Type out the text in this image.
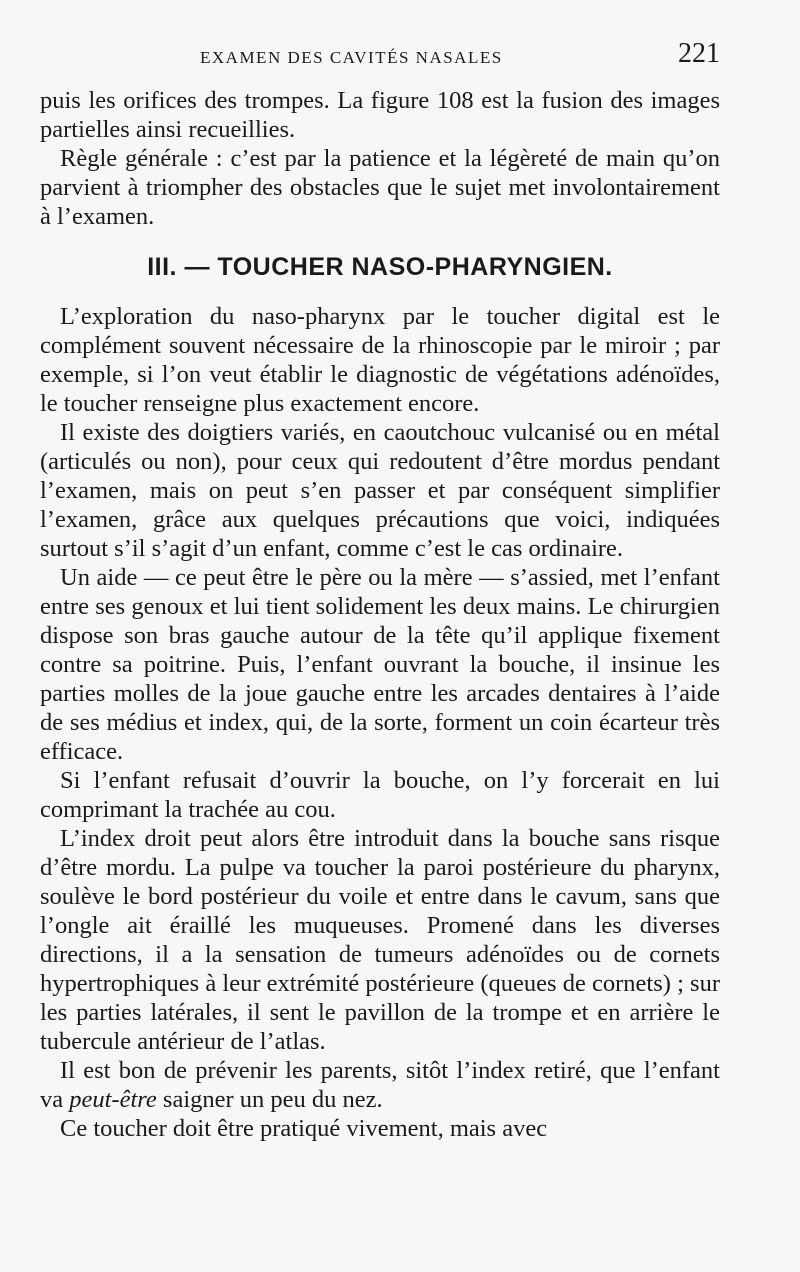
EXAMEN DES CAVITÉS NASALES	221

puis les orifices des trompes. La figure 108 est la fusion des images partielles ainsi recueillies.

Règle générale : c’est par la patience et la légèreté de main qu’on parvient à triompher des obstacles que le sujet met involontairement à l’examen.

III. — TOUCHER NASO-PHARYNGIEN.

L’exploration du naso-pharynx par le toucher digital est le complément souvent nécessaire de la rhinoscopie par le miroir ; par exemple, si l’on veut établir le diagnostic de végétations adénoïdes, le toucher renseigne plus exactement encore.

Il existe des doigtiers variés, en caoutchouc vulcanisé ou en métal (articulés ou non), pour ceux qui redoutent d’être mordus pendant l’examen, mais on peut s’en passer et par conséquent simplifier l’examen, grâce aux quelques précautions que voici, indiquées surtout s’il s’agit d’un enfant, comme c’est le cas ordinaire.

Un aide — ce peut être le père ou la mère — s’assied, met l’enfant entre ses genoux et lui tient solidement les deux mains. Le chirurgien dispose son bras gauche autour de la tête qu’il applique fixement contre sa poitrine. Puis, l’enfant ouvrant la bouche, il insinue les parties molles de la joue gauche entre les arcades dentaires à l’aide de ses médius et index, qui, de la sorte, forment un coin écarteur très efficace.

Si l’enfant refusait d’ouvrir la bouche, on l’y forcerait en lui comprimant la trachée au cou.

L’index droit peut alors être introduit dans la bouche sans risque d’être mordu. La pulpe va toucher la paroi postérieure du pharynx, soulève le bord postérieur du voile et entre dans le cavum, sans que l’ongle ait éraillé les muqueuses. Promené dans les diverses directions, il a la sensation de tumeurs adénoïdes ou de cornets hypertrophiques à leur extrémité postérieure (queues de cornets) ; sur les parties latérales, il sent le pavillon de la trompe et en arrière le tubercule antérieur de l’atlas.

Il est bon de prévenir les parents, sitôt l’index retiré, que l’enfant va peut-être saigner un peu du nez.

Ce toucher doit être pratiqué vivement, mais avec
